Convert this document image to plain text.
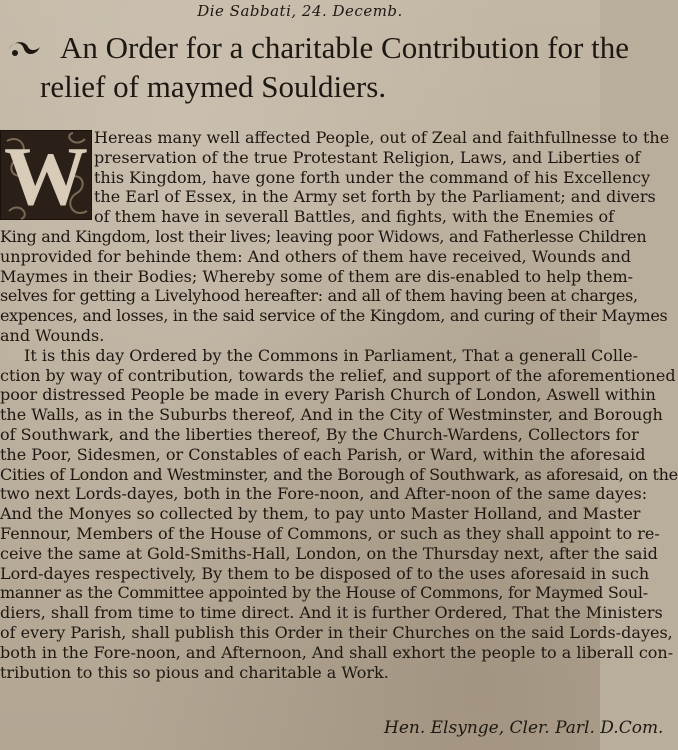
Die Sabbati, 24. Decemb.
An Order for a charitable Contribution for the
relief of maymed Souldiers.
W Hereas many well affected People, out of Zeal and faithfullnesse to the
preservation of the true Protestant Religion, Laws, and Liberties of
this Kingdom, have gone forth under the command of his Excellency
the Earl of Essex, in the Army set forth by the Parliament; and divers
of them have in severall Battles, and fights, with the Enemies of
King and Kingdom, lost their lives; leaving poor Widows, and Fatherlesse Children
unprovided for behinde them: And others of them have received, Wounds and
Maymes in their Bodies; Whereby some of them are dis-enabled to help them-
selves for getting a Livelyhood hereafter: and all of them having been at charges,
expences, and losses, in the said service of the Kingdom, and curing of their Maymes
and Wounds.
It is this day Ordered by the Commons in Parliament, That a generall Colle-
ction by way of contribution, towards the relief, and support of the aforementioned
poor distressed People be made in every Parish Church of London, Aswell within
the Walls, as in the Suburbs thereof, And in the City of Westminster, and Borough
of Southwark, and the liberties thereof, By the Church-Wardens, Collectors for
the Poor, Sidesmen, or Constables of each Parish, or Ward, within the aforesaid
Cities of London and Westminster, and the Borough of Southwark, as aforesaid, on the
two next Lords-dayes, both in the Fore-noon, and After-noon of the same dayes:
And the Monyes so collected by them, to pay unto Master Holland, and Master
Fennour, Members of the House of Commons, or such as they shall appoint to re-
ceive the same at Gold-Smiths-Hall, London, on the Thursday next, after the said
Lord-dayes respectively, By them to be disposed of to the uses aforesaid in such
manner as the Committee appointed by the House of Commons, for Maymed Soul-
diers, shall from time to time direct. And it is further Ordered, That the Ministers
of every Parish, shall publish this Order in their Churches on the said Lords-dayes,
both in the Fore-noon, and Afternoon, And shall exhort the people to a liberall con-
tribution to this so pious and charitable a Work.
Hen. Elsynge, Cler. Parl. D.Com.
